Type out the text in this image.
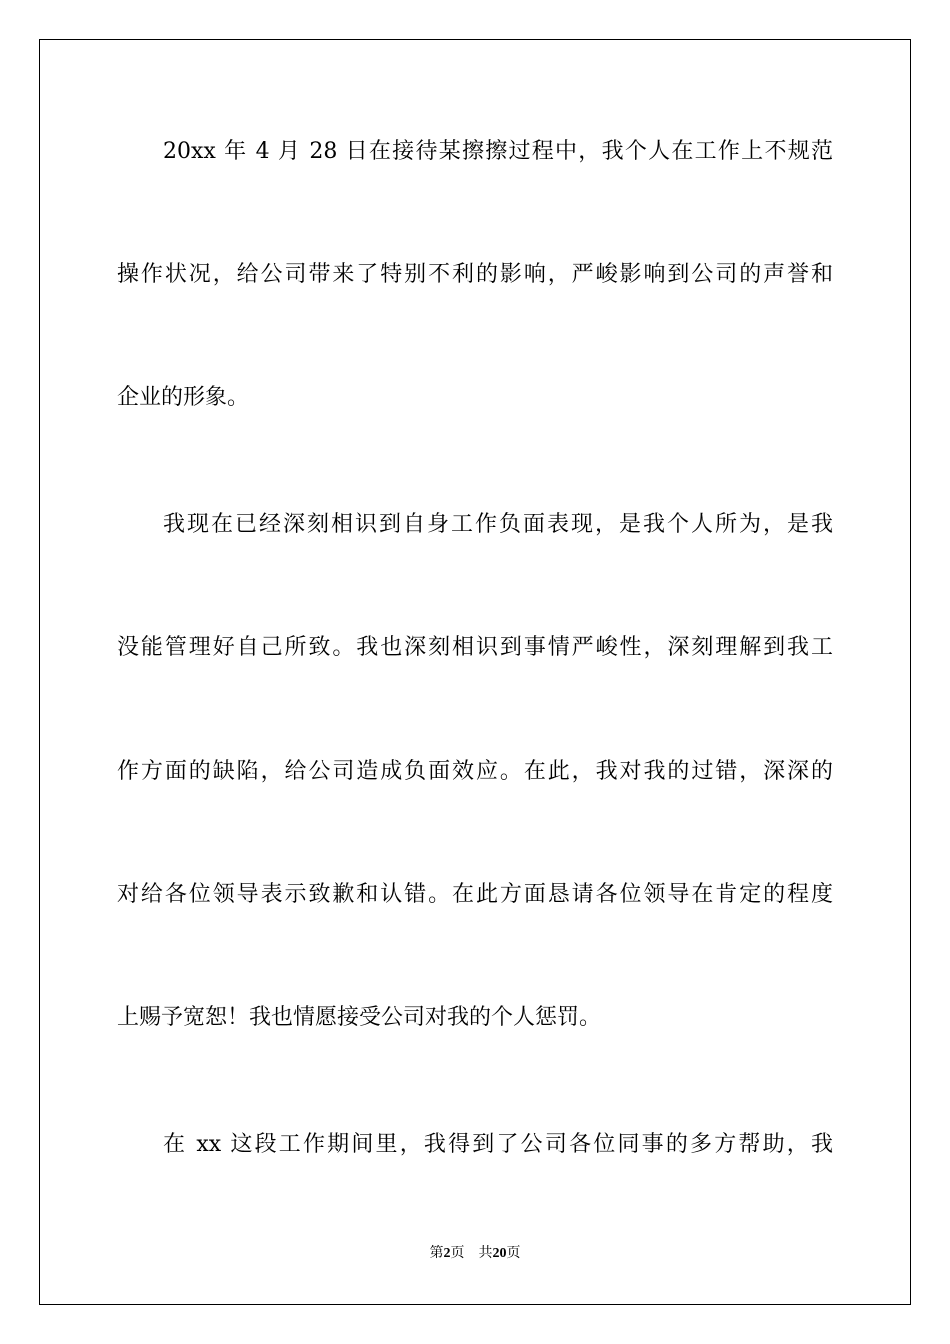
20xx 年 4 月 28 日在接待某擦擦过程中，我个人在工作上不规范
操作状况，给公司带来了特别不利的影响，严峻影响到公司的声誉和
企业的形象。
我现在已经深刻相识到自身工作负面表现，是我个人所为，是我
没能管理好自己所致。我也深刻相识到事情严峻性，深刻理解到我工
作方面的缺陷，给公司造成负面效应。在此，我对我的过错，深深的
对给各位领导表示致歉和认错。在此方面恳请各位领导在肯定的程度
上赐予宽恕！我也情愿接受公司对我的个人惩罚。
在 xx 这段工作期间里，我得到了公司各位同事的多方帮助，我
第2页 共20页
